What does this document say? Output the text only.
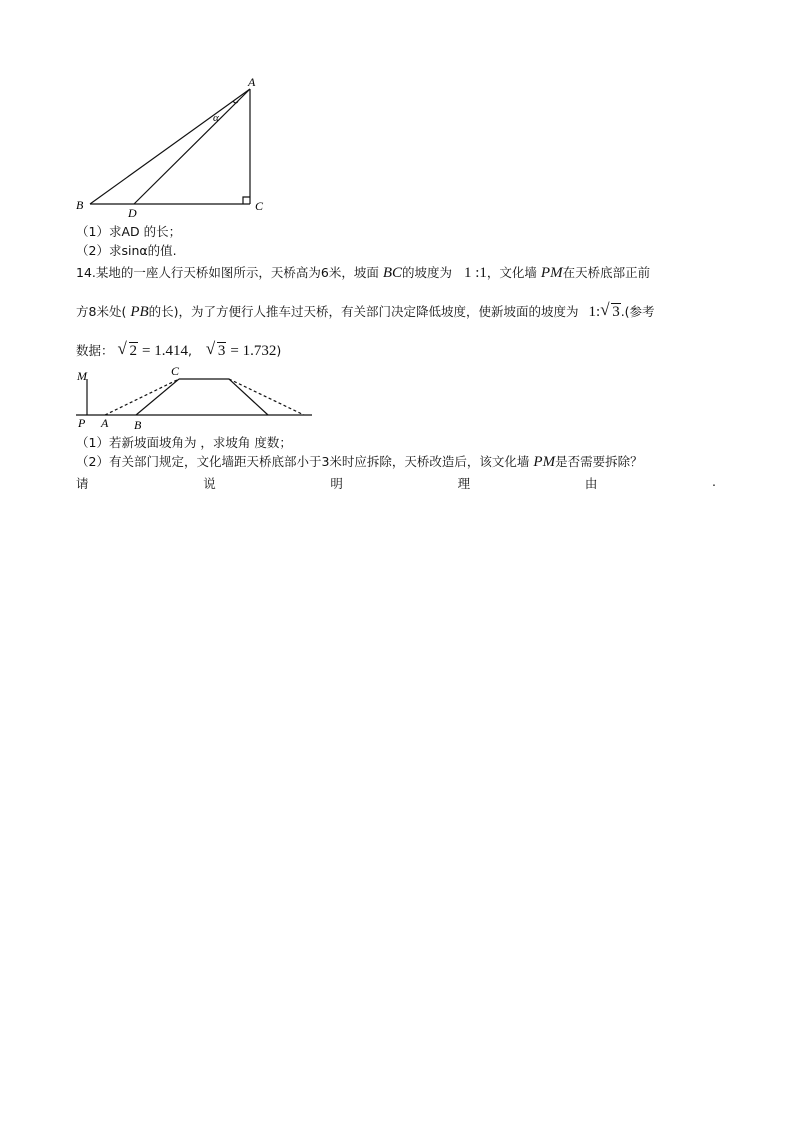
A
B	C
D
α
（1）求AD 的长；
（2）求sinα的值.
14.某地的一座人行天桥如图所示，天桥高为6米，坡面 BC的坡度为 1 :1，文化墙 PM在天桥底部正前
方8米处( PB的长)，为了方便行人推车过天桥，有关部门决定降低坡度，使新坡面的坡度为 1: √ 3.(参考
数据： √ 2 = 1.414, √ 3 = 1.732)
M	C
P A B
（1）若新坡面坡角为 ，求坡角 度数；
（2）有关部门规定，文化墙距天桥底部小于3米时应拆除，天桥改造后，该文化墙 PM是否需要拆除？
请	说	明	理	由	.
